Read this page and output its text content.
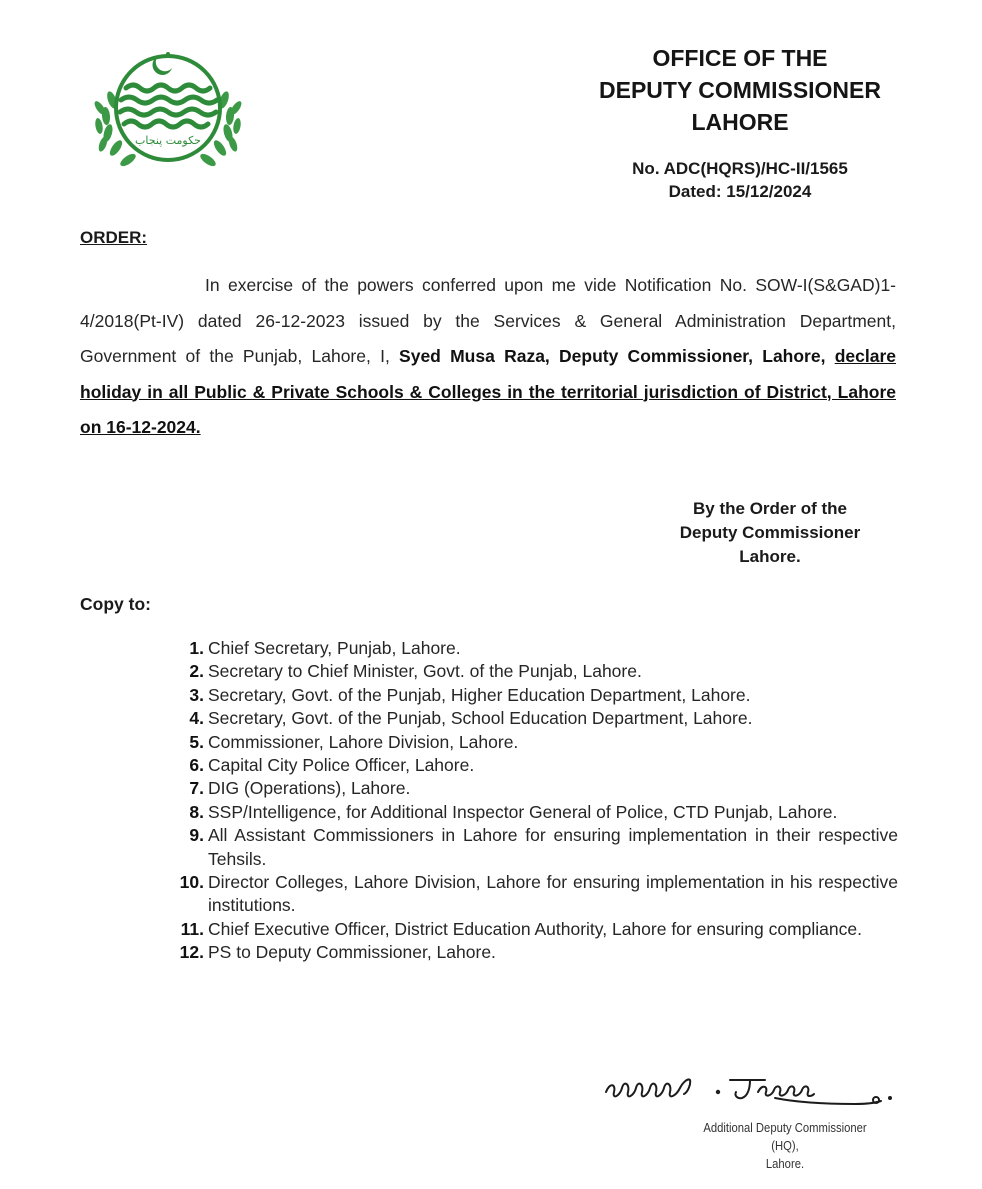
حکومت پنجاب
OFFICE OF THE
DEPUTY COMMISSIONER
LAHORE
No. ADC(HQRS)/HC-II/1565
Dated: 15/12/2024
ORDER:

In exercise of the powers conferred upon me vide Notification No. SOW-I(S&GAD)1-4/2018(Pt-IV) dated 26-12-2023 issued by the Services & General Administration Department, Government of the Punjab, Lahore, I, Syed Musa Raza, Deputy Commissioner, Lahore, declare holiday in all Public & Private Schools & Colleges in the territorial jurisdiction of District, Lahore on 16-12-2024.

By the Order of the
Deputy Commissioner
Lahore.
Copy to:
1. Chief Secretary, Punjab, Lahore.
2. Secretary to Chief Minister, Govt. of the Punjab, Lahore.
3. Secretary, Govt. of the Punjab, Higher Education Department, Lahore.
4. Secretary, Govt. of the Punjab, School Education Department, Lahore.
5. Commissioner, Lahore Division, Lahore.
6. Capital City Police Officer, Lahore.
7. DIG (Operations), Lahore.
8. SSP/Intelligence, for Additional Inspector General of Police, CTD Punjab, Lahore.
9. All Assistant Commissioners in Lahore for ensuring implementation in their respective Tehsils.
10. Director Colleges, Lahore Division, Lahore for ensuring implementation in his respective institutions.
11. Chief Executive Officer, District Education Authority, Lahore for ensuring compliance.
12. PS to Deputy Commissioner, Lahore.
Additional Deputy Commissioner (HQ),
Lahore.
